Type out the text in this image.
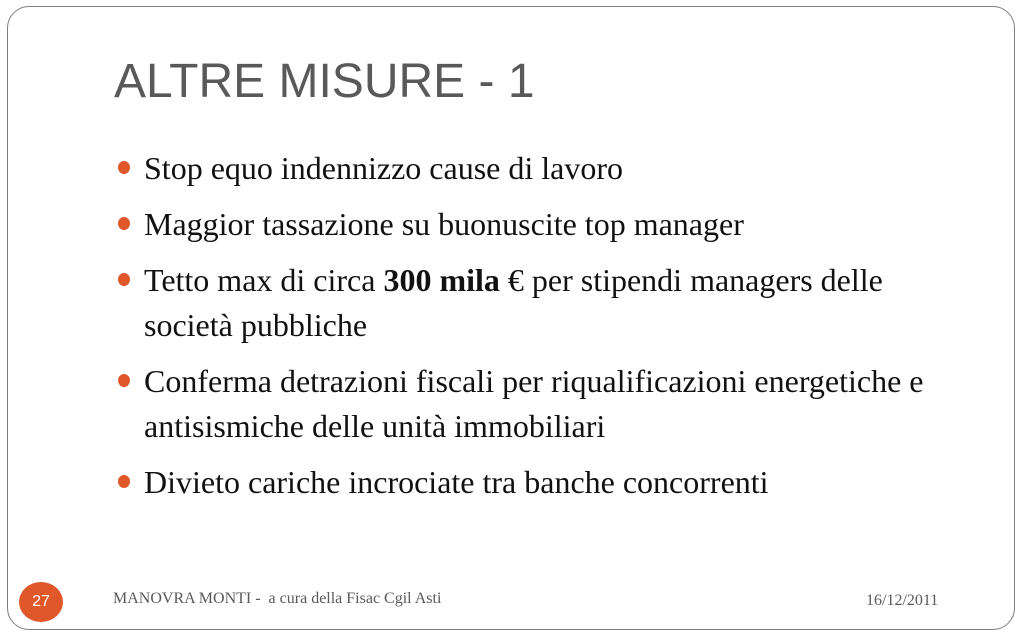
ALTRE MISURE - 1
Stop equo indennizzo cause di lavoro
Maggior tassazione su buonuscite top manager
Tetto max di circa 300 mila € per stipendi managers delle società pubbliche
Conferma detrazioni fiscali per riqualificazioni energetiche e antisismiche delle unità immobiliari
Divieto cariche incrociate tra banche concorrenti
27	MANOVRA MONTI -  a cura della Fisac Cgil Asti	16/12/2011
